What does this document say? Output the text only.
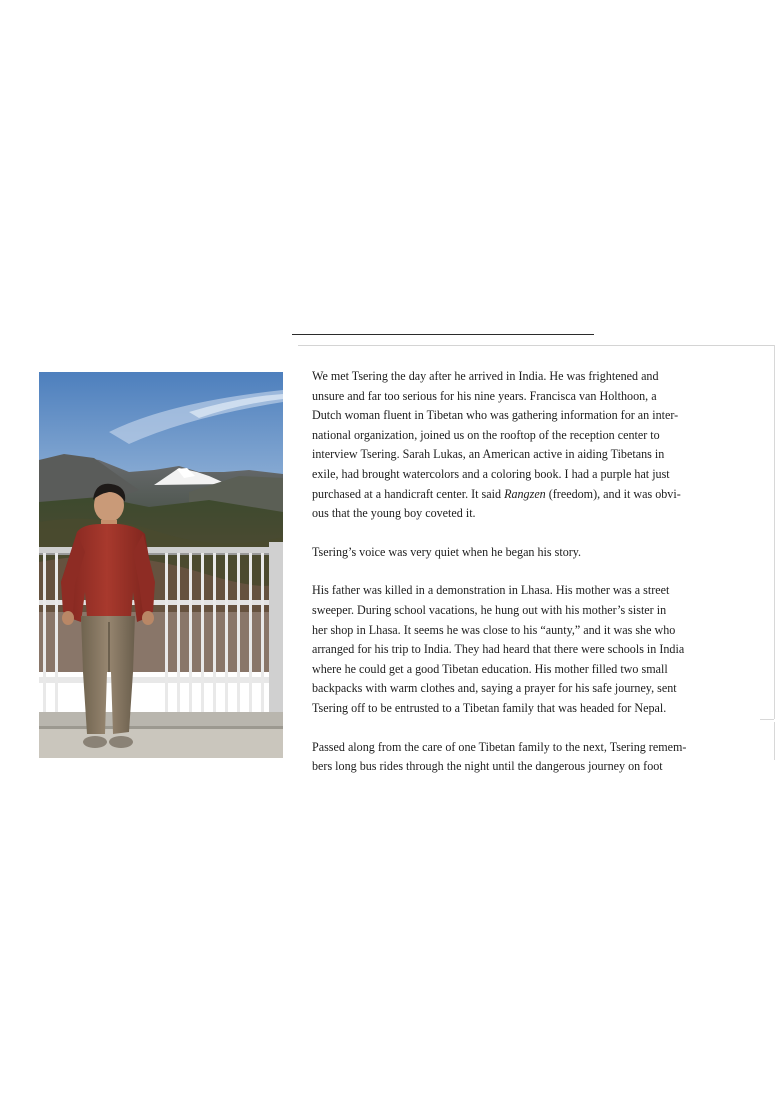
We met Tsering the day after he arrived in India. He was frightened and
unsure and far too serious for his nine years. Francisca van Holthoon, a
Dutch woman fluent in Tibetan who was gathering information for an inter-
national organization, joined us on the rooftop of the reception center to
interview Tsering. Sarah Lukas, an American active in aiding Tibetans in
exile, had brought watercolors and a coloring book. I had a purple hat just
purchased at a handicraft center. It said Rangzen (freedom), and it was obvi-
ous that the young boy coveted it.
Tsering’s voice was very quiet when he began his story.
His father was killed in a demonstration in Lhasa. His mother was a street
sweeper. During school vacations, he hung out with his mother’s sister in
her shop in Lhasa. It seems he was close to his “aunty,” and it was she who
arranged for his trip to India. They had heard that there were schools in India
where he could get a good Tibetan education. His mother filled two small
backpacks with warm clothes and, saying a prayer for his safe journey, sent
Tsering off to be entrusted to a Tibetan family that was headed for Nepal.
Passed along from the care of one Tibetan family to the next, Tsering remem-
bers long bus rides through the night until the dangerous journey on foot
